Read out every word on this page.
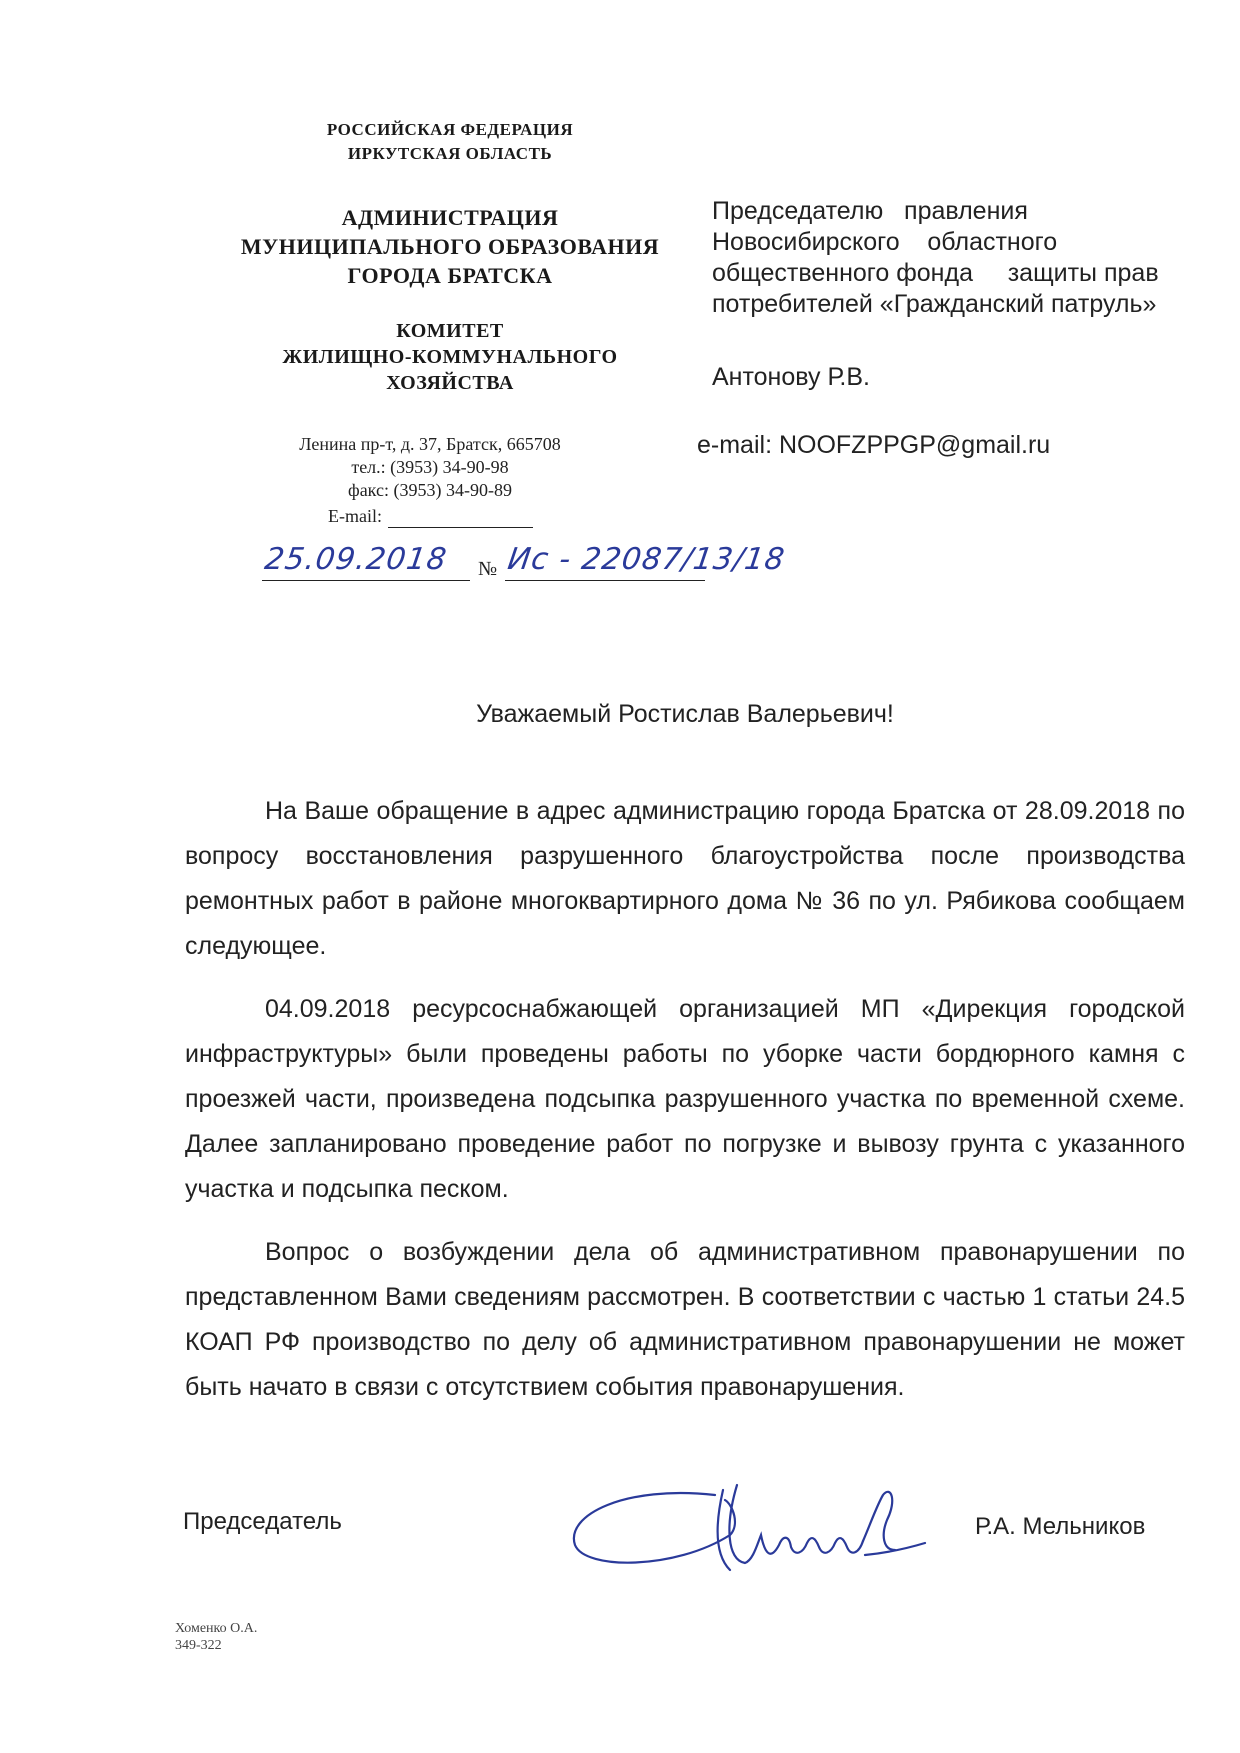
РОССИЙСКАЯ ФЕДЕРАЦИЯ
ИРКУТСКАЯ ОБЛАСТЬ
АДМИНИСТРАЦИЯ
МУНИЦИПАЛЬНОГО ОБРАЗОВАНИЯ
ГОРОДА БРАТСКА
КОМИТЕТ
ЖИЛИЩНО-КОММУНАЛЬНОГО
ХОЗЯЙСТВА
Ленина пр-т, д. 37, Братск, 665708
тел.: (3953) 34-90-98
факс: (3953) 34-90-89
E-mail:
25.09.2018 № Ис - 22087/13/18
Председателю   правления
Новосибирского    областного
общественного фонда     защиты прав
потребителей «Гражданский патруль»
Антонову Р.В.
e-mail: NOOFZPPGP@gmail.ru
Уважаемый Ростислав Валерьевич!

На Ваше обращение в адрес администрацию города Братска от 28.09.2018 по вопросу восстановления разрушенного благоустройства после производства ремонтных работ в районе многоквартирного дома № 36 по ул. Рябикова сообщаем следующее.

04.09.2018 ресурсоснабжающей организацией МП «Дирекция городской инфраструктуры» были проведены работы по уборке части бордюрного камня с проезжей части, произведена подсыпка разрушенного участка по временной схеме. Далее запланировано проведение работ по погрузке и вывозу грунта с указанного участка и подсыпка песком.

Вопрос о возбуждении дела об административном правонарушении по представленном Вами сведениям рассмотрен. В соответствии с частью 1 статьи 24.5 КОАП РФ производство по делу об административном правонарушении не может быть начато в связи с отсутствием события правонарушения.

Председатель	Р.А. Мельников
Хоменко О.А.
349-322
